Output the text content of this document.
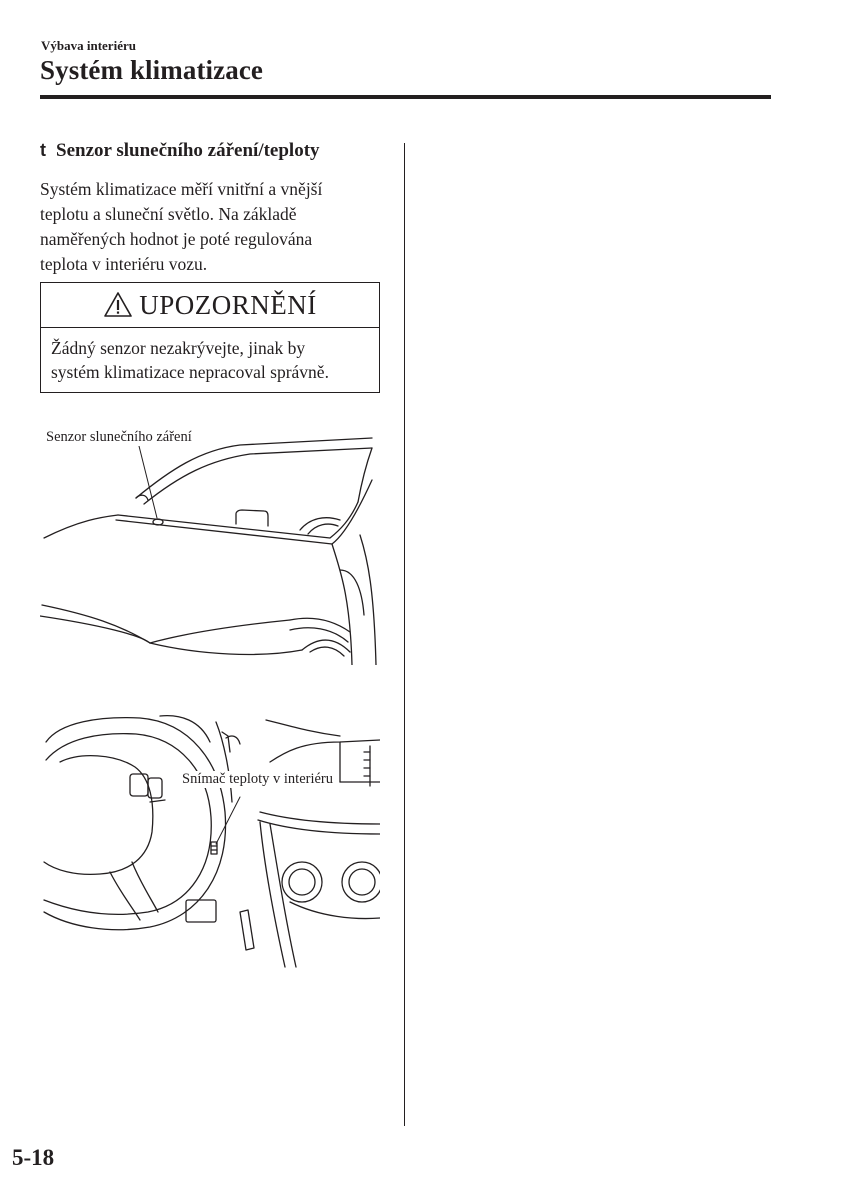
Výbava interiéru
Systém klimatizace
t Senzor slunečního záření/teploty
Systém klimatizace měří vnitřní a vnější
teplotu a sluneční světlo. Na základě
naměřených hodnot je poté regulována
teplota v interiéru vozu.
UPOZORNĚNÍ
Žádný senzor nezakrývejte, jinak by
systém klimatizace nepracoval správně.
Senzor slunečního záření
Snímač teploty v interiéru
5-18
